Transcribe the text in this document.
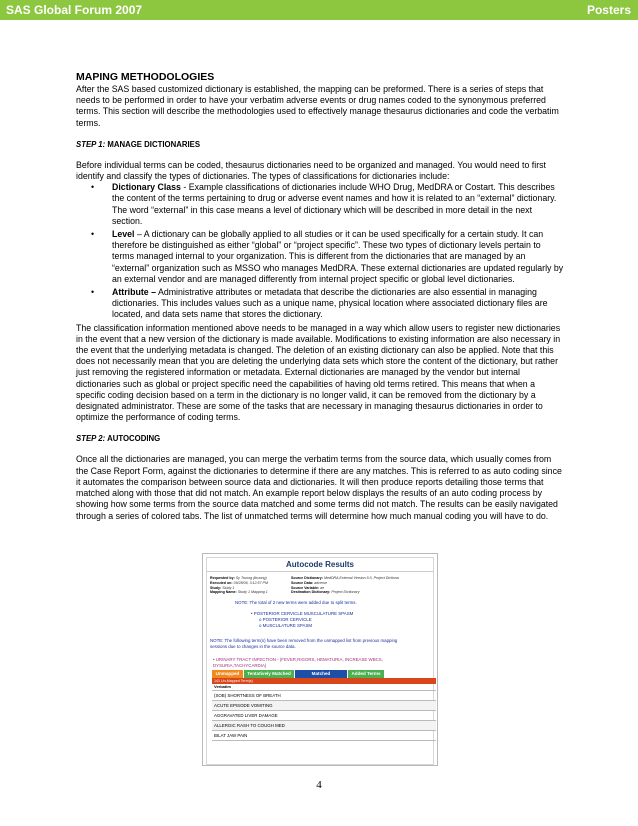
SAS Global Forum 2007	Posters
MAPING METHODOLOGIES

After the SAS based customized dictionary is established, the mapping can be preformed. There is a series of steps that needs to be performed in order to have your verbatim adverse events or drug names coded to the synonymous preferred terms. This section will describe the methodologies used to effectively manage thesaurus dictionaries and code the verbatim terms.

STEP 1: MANAGE DICTIONARIES

Before individual terms can be coded, thesaurus dictionaries need to be organized and managed. You would need to first identify and classify the types of dictionaries. The types of classifications for dictionaries include:

• Dictionary Class - Example classifications of dictionaries include WHO Drug, MedDRA or Costart. This describes the content of the terms pertaining to drug or adverse event names and how it is related to an “external” dictionary. The word “external” in this case means a level of dictionary which will be described in more detail in the next section.
• Level – A dictionary can be globally applied to all studies or it can be used specifically for a certain study. It can therefore be distinguished as either “global” or “project specific”. These two types of dictionary levels pertain to terms managed internal to your organization. This is different from the dictionaries that are managed by an “external” organization such as MSSO who manages MedDRA. These external dictionaries are updated regularly by an external vendor and are managed differently from internal project specific or global level dictionaries.
• Attribute – Administrative attributes or metadata that describe the dictionaries are also essential in managing dictionaries. This includes values such as a unique name, physical location where associated dictionary files are located, and data sets name that stores the dictionary.

The classification information mentioned above needs to be managed in a way which allow users to register new dictionaries in the event that a new version of the dictionary is made available. Modifications to existing information are also necessary in the event that the underlying metadata is changed. The deletion of an existing dictionary can also be applied. Note that this does not necessarily mean that you are deleting the underlying data sets which store the content of the dictionary, but rather just removing the registered information or metadata. External dictionaries are managed by the vendor but internal dictionaries such as global or project specific need the capabilities of having old terms retired. This means that when a specific coding decision based on a term in the dictionary is no longer valid, it can be removed from the dictionary by a designated administrator. These are some of the tasks that are necessary in managing thesaurus dictionaries in order to optimize the performance of coding terms.

STEP 2: AUTOCODING

Once all the dictionaries are managed, you can merge the verbatim terms from the source data, which usually comes from the Case Report Form, against the dictionaries to determine if there are any matches. This is referred to as auto coding since it automates the comparison between source data and dictionaries. It will then produce reports detailing those terms that matched along with those that did not match. An example report below displays the results of an auto coding process by showing how some terms from the source data matched and some terms did not match. The results can be easily navigated through a series of colored tabs. The list of unmatched terms will determine how much manual coding you will have to do.

Autocode Results
Requested by: Sy Truong (ttruong)
Executed on: 09/28/06, 3:12:57 PM
Study: Study 1
Mapping Name: Study 1 Mapping 1
Source Dictionary: MedDRA External Version 5.0, Project Dictiona
Source Data: adverse
Source Variable: ae
Destination Dictionary: Project Dictionary
NOTE: The total of 2 new terms were added due to split terms.
• POSTERIOR CERVICLE MUSCULATURE SPASM
o POSTERIOR CERVICLE
o MUSCULATURE SPASM
NOTE: The following term(s) have been removed from the unmapped list from previous mapping sessions due to changes in the source data.
• URINARY TRACT INFECTION - (FEVER,RIGORS, HEMATURIA, INCREASE WBCS, DYSURIA,TACHYCARDIA)
Unmapped	Tentatively Matched	Matched	Added Terms
141 Un-Mapped Term(s)
Verbatim
(SOB) SHORTNESS OF BREATH
ACUTE EPISODE VOMITING
AGGRAVATED LIVER DAMAGE
ALLERGIC RASH TO COUGH MED
BILAT JAW PAIN
4
